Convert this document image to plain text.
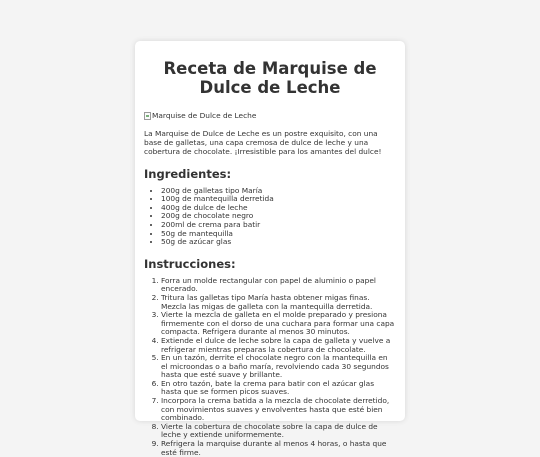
Receta de Marquise de Dulce de Leche
Marquise de Dulce de Leche

La Marquise de Dulce de Leche es un postre exquisito, con una base de galletas, una capa cremosa de dulce de leche y una cobertura de chocolate. ¡Irresistible para los amantes del dulce!

Ingredientes:
• 200g de galletas tipo María
• 100g de mantequilla derretida
• 400g de dulce de leche
• 200g de chocolate negro
• 200ml de crema para batir
• 50g de mantequilla
• 50g de azúcar glas
Instrucciones:
1. Forra un molde rectangular con papel de aluminio o papel encerado.
2. Tritura las galletas tipo María hasta obtener migas finas. Mezcla las migas de galleta con la mantequilla derretida.
3. Vierte la mezcla de galleta en el molde preparado y presiona firmemente con el dorso de una cuchara para formar una capa compacta. Refrigera durante al menos 30 minutos.
4. Extiende el dulce de leche sobre la capa de galleta y vuelve a refrigerar mientras preparas la cobertura de chocolate.
5. En un tazón, derrite el chocolate negro con la mantequilla en el microondas o a baño maría, revolviendo cada 30 segundos hasta que esté suave y brillante.
6. En otro tazón, bate la crema para batir con el azúcar glas hasta que se formen picos suaves.
7. Incorpora la crema batida a la mezcla de chocolate derretido, con movimientos suaves y envolventes hasta que esté bien combinado.
8. Vierte la cobertura de chocolate sobre la capa de dulce de leche y extiende uniformemente.
9. Refrigera la marquise durante al menos 4 horas, o hasta que esté firme.
